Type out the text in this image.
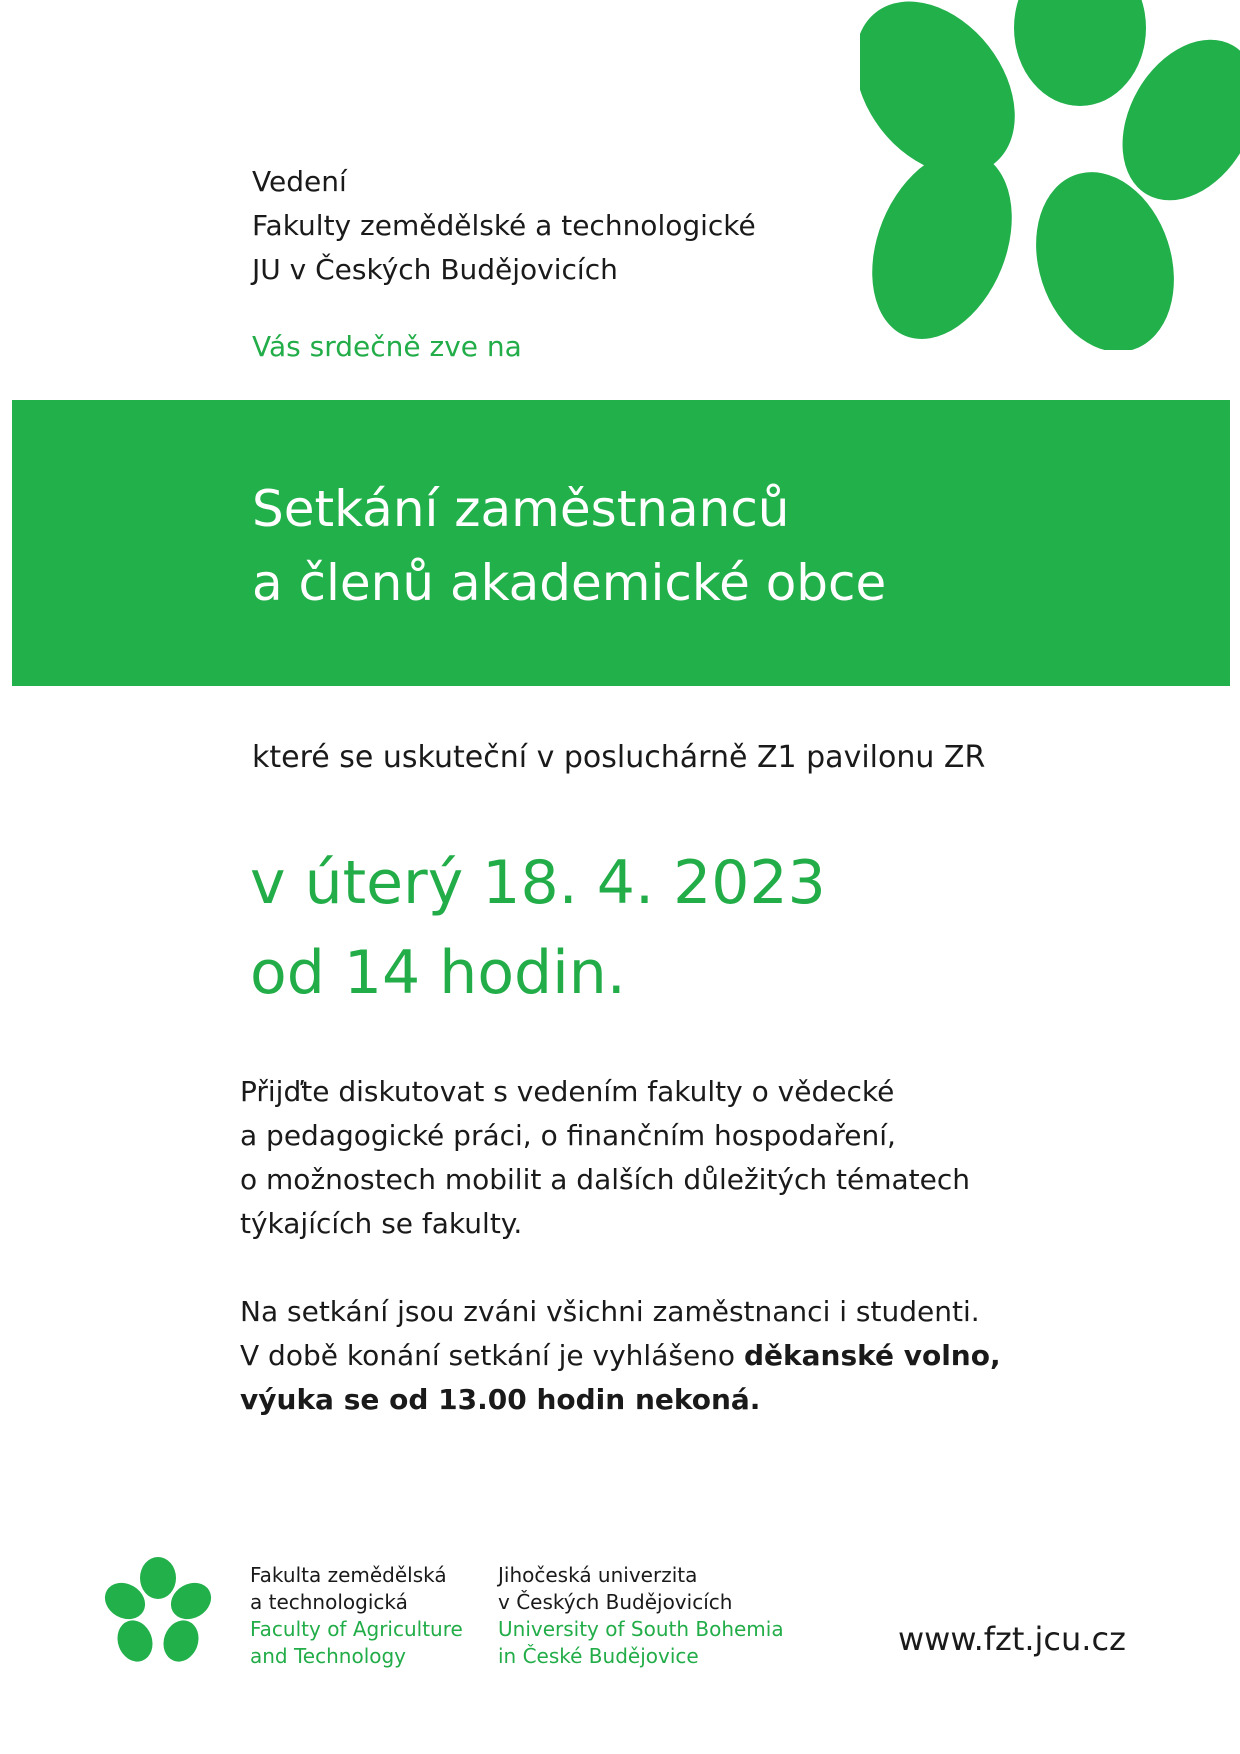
Vedení
Fakulty zemědělské a technologické
JU v Českých Budějovicích
Vás srdečně zve na
Setkání zaměstnanců
a členů akademické obce
které se uskuteční v posluchárně Z1 pavilonu ZR
v úterý 18. 4. 2023
od 14 hodin.
Přijďte diskutovat s vedením fakulty o vědecké
a pedagogické práci, o finančním hospodaření,
o možnostech mobilit a dalších důležitých tématech
týkajících se fakulty.
Na setkání jsou zváni všichni zaměstnanci i studenti.
V době konání setkání je vyhlášeno děkanské volno,
výuka se od 13.00 hodin nekoná.
Fakulta zemědělská
a technologická
Faculty of Agriculture
and Technology
Jihočeská univerzita
v Českých Budějovicích
University of South Bohemia
in České Budějovice	www.fzt.jcu.cz
